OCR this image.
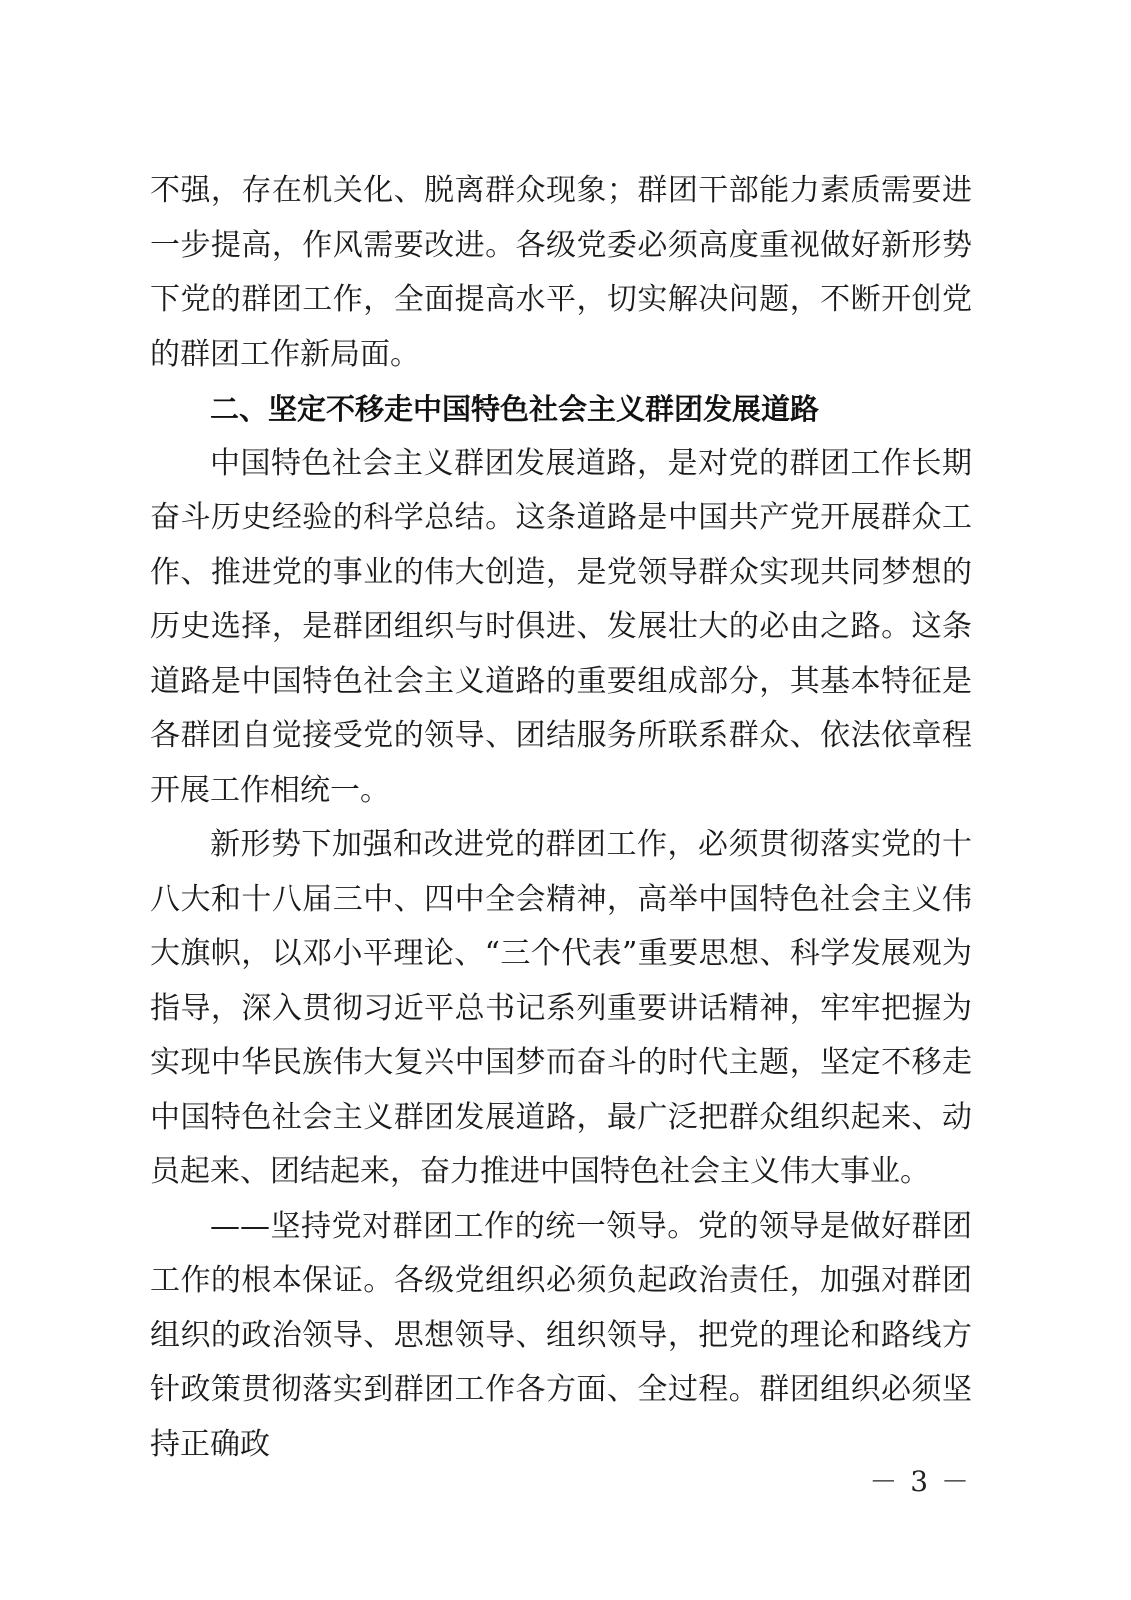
不强，存在机关化、脱离群众现象；群团干部能力素质需要进一步提高，作风需要改进。各级党委必须高度重视做好新形势下党的群团工作，全面提高水平，切实解决问题，不断开创党的群团工作新局面。

二、坚定不移走中国特色社会主义群团发展道路

中国特色社会主义群团发展道路，是对党的群团工作长期奋斗历史经验的科学总结。这条道路是中国共产党开展群众工作、推进党的事业的伟大创造，是党领导群众实现共同梦想的历史选择，是群团组织与时俱进、发展壮大的必由之路。这条道路是中国特色社会主义道路的重要组成部分，其基本特征是各群团自觉接受党的领导、团结服务所联系群众、依法依章程开展工作相统一。

新形势下加强和改进党的群团工作，必须贯彻落实党的十八大和十八届三中、四中全会精神，高举中国特色社会主义伟大旗帜，以邓小平理论、“三个代表”重要思想、科学发展观为指导，深入贯彻习近平总书记系列重要讲话精神，牢牢把握为实现中华民族伟大复兴中国梦而奋斗的时代主题，坚定不移走中国特色社会主义群团发展道路，最广泛把群众组织起来、动员起来、团结起来，奋力推进中国特色社会主义伟大事业。

——坚持党对群团工作的统一领导。党的领导是做好群团工作的根本保证。各级党组织必须负起政治责任，加强对群团组织的政治领导、思想领导、组织领导，把党的理论和路线方针政策贯彻落实到群团工作各方面、全过程。群团组织必须坚持正确政

－ 3 －
